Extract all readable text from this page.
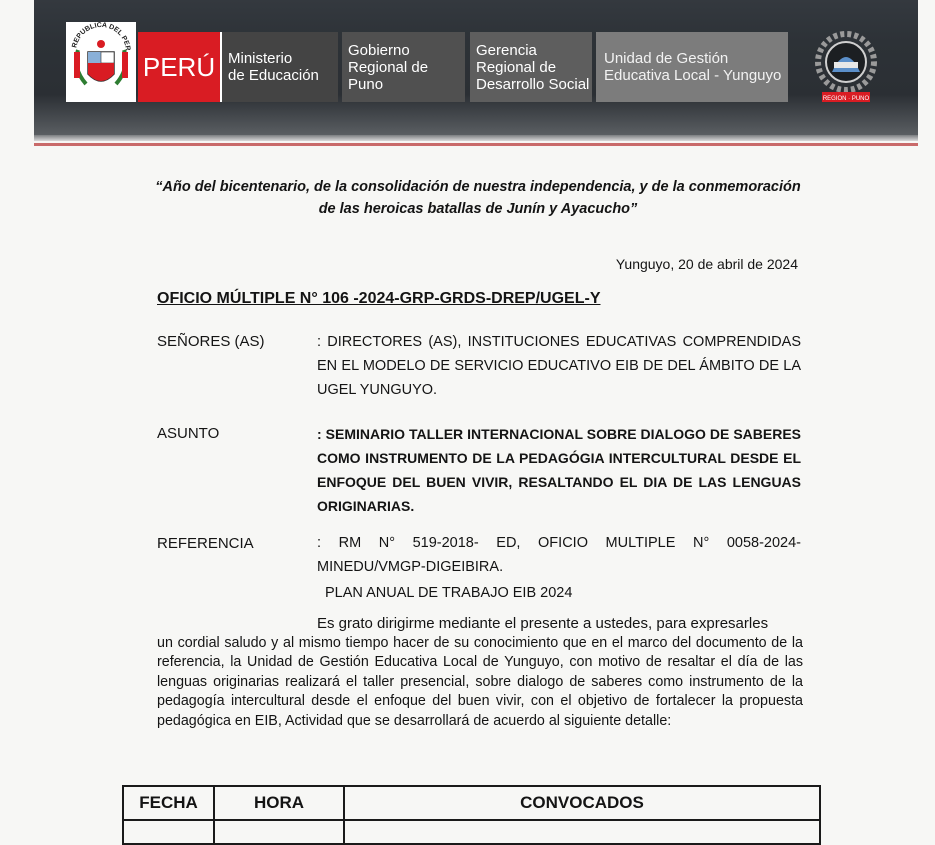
REPUBLICA DEL PER
PERÚ Ministerio
de Educación
Gobierno
Regional de Puno
Gerencia
Regional de
Desarrollo Social
Unidad de Gestión
Educativa Local - Yunguyo
REGION · PUNO
“Año del bicentenario, de la consolidación de nuestra independencia, y de la conmemoración
de las heroicas batallas de Junín y Ayacucho”
Yunguyo, 20 de abril de 2024
OFICIO MÚLTIPLE N° 106 -2024-GRP-GRDS-DREP/UGEL-Y
SEÑORES (AS)	: DIRECTORES (AS), INSTITUCIONES EDUCATIVAS COMPRENDIDAS EN EL MODELO DE SERVICIO EDUCATIVO EIB DE DEL ÁMBITO DE LA UGEL YUNGUYO.
ASUNTO	: SEMINARIO TALLER INTERNACIONAL SOBRE DIALOGO DE SABERES COMO INSTRUMENTO DE LA PEDAGÓGIA INTERCULTURAL DESDE EL ENFOQUE DEL BUEN VIVIR, RESALTANDO EL DIA DE LAS LENGUAS ORIGINARIAS.
REFERENCIA	: RM N° 519-2018- ED, OFICIO MULTIPLE N° 0058-2024-MINEDU/VMGP-DIGEIBIRA.
PLAN ANUAL DE TRABAJO EIB 2024
Es grato dirigirme mediante el presente a ustedes, para expresarles
un cordial saludo y al mismo tiempo hacer de su conocimiento que en el marco del documento de la referencia, la Unidad de Gestión Educativa Local de Yunguyo, con motivo de resaltar el día de las lenguas originarias realizará el taller presencial, sobre dialogo de saberes como instrumento de la pedagogía intercultural desde el enfoque del buen vivir, con el objetivo de fortalecer la propuesta pedagógica en EIB, Actividad que se desarrollará de acuerdo al siguiente detalle:
FECHA	HORA	CONVOCADOS
